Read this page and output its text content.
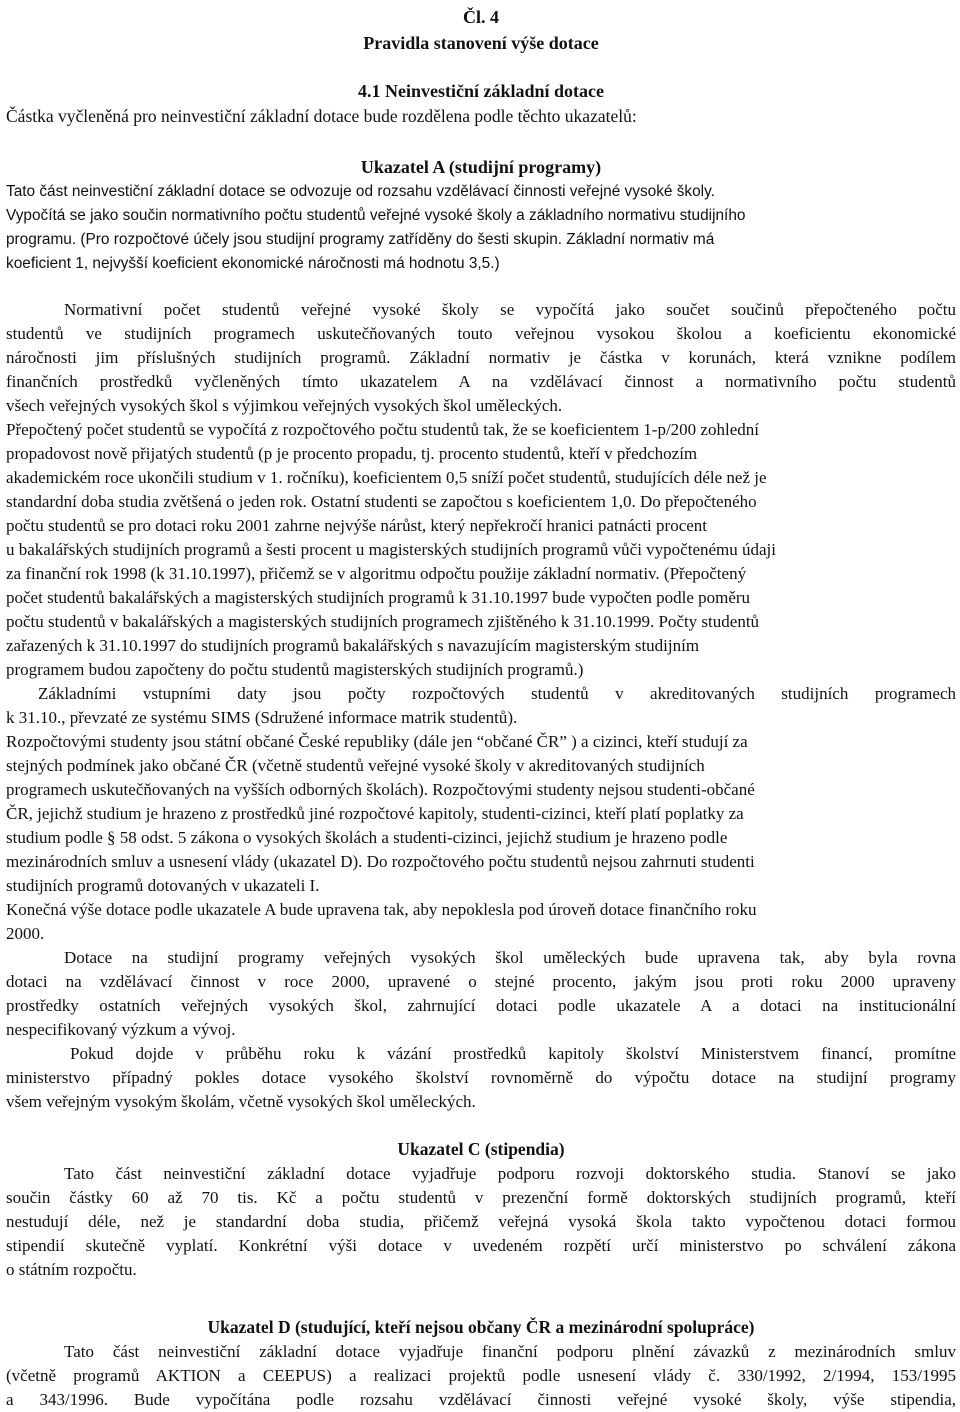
Čl. 4

Pravidla stanovení výše dotace

4.1 Neinvestiční základní dotace

Částka vyčleněná pro neinvestiční základní dotace bude rozdělena podle těchto ukazatelů:

Ukazatel A (studijní programy)

Tato část neinvestiční základní dotace se odvozuje od rozsahu vzdělávací činnosti veřejné vysoké školy.

Vypočítá se jako součin normativního počtu studentů veřejné vysoké školy a základního normativu studijního

programu. (Pro rozpočtové účely jsou studijní programy zatříděny do šesti skupin. Základní normativ má

koeficient 1, nejvyšší koeficient ekonomické náročnosti má hodnotu 3,5.)

Normativní počet studentů veřejné vysoké školy se vypočítá jako součet součinů přepočteného počtu

studentů ve studijních programech uskutečňovaných touto veřejnou vysokou školou a koeficientu ekonomické

náročnosti jim příslušných studijních programů. Základní normativ je částka v korunách, která vznikne podílem

finančních prostředků vyčleněných tímto ukazatelem A na vzdělávací činnost a normativního počtu studentů

všech veřejných vysokých škol s výjimkou veřejných vysokých škol uměleckých.

Přepočtený počet studentů se vypočítá z rozpočtového počtu studentů tak, že se koeficientem 1-p/200 zohlední

propadovost nově přijatých studentů (p je procento propadu, tj. procento studentů, kteří v předchozím

akademickém roce ukončili studium v 1. ročníku), koeficientem 0,5 sníží počet studentů, studujících déle než je

standardní doba studia zvětšená o jeden rok. Ostatní studenti se započtou s koeficientem 1,0. Do přepočteného

počtu studentů se pro dotaci roku 2001 zahrne nejvýše nárůst, který nepřekročí hranici patnácti procent

u bakalářských studijních programů a šesti procent u magisterských studijních programů vůči vypočtenému údaji

za finanční rok 1998 (k 31.10.1997), přičemž se v algoritmu odpočtu použije základní normativ. (Přepočtený

počet studentů bakalářských a magisterských studijních programů k 31.10.1997 bude vypočten podle poměru

počtu studentů v bakalářských a magisterských studijních programech zjištěného k 31.10.1999. Počty studentů

zařazených k 31.10.1997 do studijních programů bakalářských s navazujícím magisterským studijním

programem budou započteny do počtu studentů magisterských studijních programů.)

Základními vstupními daty jsou počty rozpočtových studentů v akreditovaných studijních programech

k 31.10., převzaté ze systému SIMS (Sdružené informace matrik studentů).

Rozpočtovými studenty jsou státní občané České republiky (dále jen “občané ČR” ) a cizinci, kteří studují za

stejných podmínek jako občané ČR (včetně studentů veřejné vysoké školy v akreditovaných studijních

programech uskutečňovaných na vyšších odborných školách). Rozpočtovými studenty nejsou studenti-občané

ČR, jejichž studium je hrazeno z prostředků jiné rozpočtové kapitoly, studenti-cizinci, kteří platí poplatky za

studium podle § 58 odst. 5 zákona o vysokých školách a studenti-cizinci, jejichž studium je hrazeno podle

mezinárodních smluv a usnesení vlády (ukazatel D). Do rozpočtového počtu studentů nejsou zahrnuti studenti

studijních programů dotovaných v ukazateli I.

Konečná výše dotace podle ukazatele A bude upravena tak, aby nepoklesla pod úroveň dotace finančního roku

2000.

Dotace na studijní programy veřejných vysokých škol uměleckých bude upravena tak, aby byla rovna

dotaci na vzdělávací činnost v roce 2000, upravené o stejné procento, jakým jsou proti roku 2000 upraveny

prostředky ostatních veřejných vysokých škol, zahrnující dotaci podle ukazatele A a dotaci na institucionální

nespecifikovaný výzkum a vývoj.

Pokud dojde v průběhu roku k vázání prostředků kapitoly školství Ministerstvem financí, promítne

ministerstvo případný pokles dotace vysokého školství rovnoměrně do výpočtu dotace na studijní programy

všem veřejným vysokým školám, včetně vysokých škol uměleckých.

Ukazatel C (stipendia)

Tato část neinvestiční základní dotace vyjadřuje podporu rozvoji doktorského studia. Stanoví se jako

součin částky 60 až 70 tis. Kč a počtu studentů v prezenční formě doktorských studijních programů, kteří

nestudují déle, než je standardní doba studia, přičemž veřejná vysoká škola takto vypočtenou dotaci formou

stipendií skutečně vyplatí. Konkrétní výši dotace v uvedeném rozpětí určí ministerstvo po schválení zákona

o státním rozpočtu.

Ukazatel D (studující, kteří nejsou občany ČR a mezinárodní spolupráce)

Tato část neinvestiční základní dotace vyjadřuje finanční podporu plnění závazků z mezinárodních smluv

(včetně programů AKTION a CEEPUS) a realizaci projektů podle usnesení vlády č. 330/1992, 2/1994, 153/1995

a 343/1996. Bude vypočítána podle rozsahu vzdělávací činnosti veřejné vysoké školy, výše stipendia,
